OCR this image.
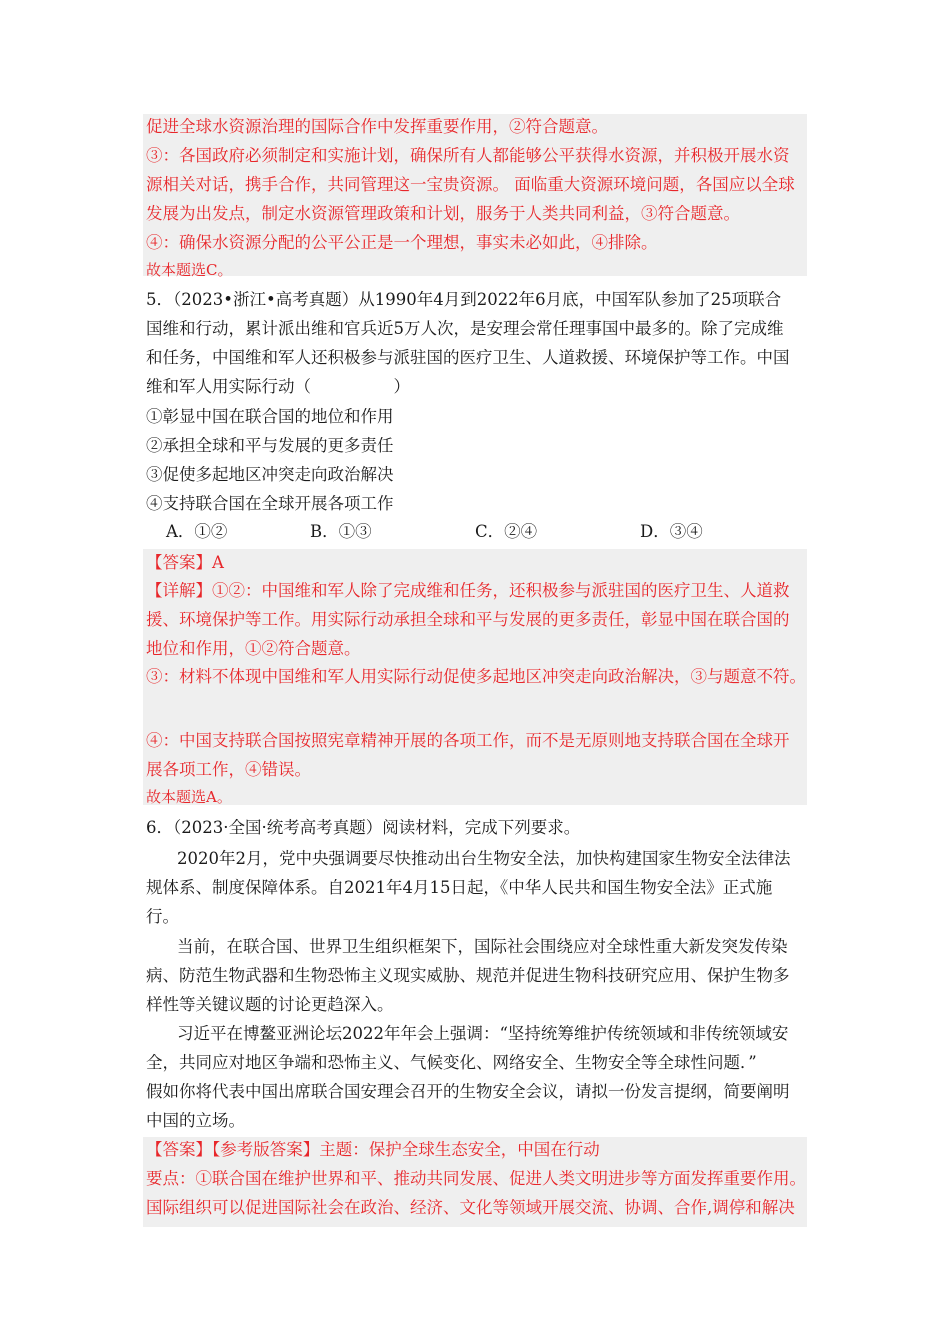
促进全球水资源治理的国际合作中发挥重要作用，②符合题意。
③：各国政府必须制定和实施计划，确保所有人都能够公平获得水资源，并积极开展水资
源相关对话，携手合作，共同管理这一宝贵资源。 面临重大资源环境问题，各国应以全球
发展为出发点，制定水资源管理政策和计划，服务于人类共同利益，③符合题意。
④：确保水资源分配的公平公正是一个理想，事实未必如此，④排除。
故本题选C。
5．（2023•浙江•高考真题）从1990年4月到2022年6月底，中国军队参加了25项联合
国维和行动，累计派出维和官兵近5万人次，是安理会常任理事国中最多的。除了完成维
和任务，中国维和军人还积极参与派驻国的医疗卫生、人道救援、环境保护等工作。中国
维和军人用实际行动（　　　　　）
①彰显中国在联合国的地位和作用
②承担全球和平与发展的更多责任
③促使多起地区冲突走向政治解决
④支持联合国在全球开展各项工作
A．①②	B．①③	C．②④	D．③④
【答案】A
【详解】①②：中国维和军人除了完成维和任务，还积极参与派驻国的医疗卫生、人道救
援、环境保护等工作。用实际行动承担全球和平与发展的更多责任，彰显中国在联合国的
地位和作用，①②符合题意。
③：材料不体现中国维和军人用实际行动促使多起地区冲突走向政治解决，③与题意不符。
④：中国支持联合国按照宪章精神开展的各项工作，而不是无原则地支持联合国在全球开
展各项工作，④错误。
故本题选A。
6．（2023·全国·统考高考真题）阅读材料，完成下列要求。
2020年2月，党中央强调要尽快推动出台生物安全法，加快构建国家生物安全法律法
规体系、制度保障体系。自2021年4月15日起，《中华人民共和国生物安全法》正式施
行。
当前，在联合国、世界卫生组织框架下，国际社会围绕应对全球性重大新发突发传染
病、防范生物武器和生物恐怖主义现实威胁、规范并促进生物科技研究应用、保护生物多
样性等关键议题的讨论更趋深入。
习近平在博鳌亚洲论坛2022年年会上强调：“坚持统筹维护传统领域和非传统领域安
全，共同应对地区争端和恐怖主义、气候变化、网络安全、生物安全等全球性问题．”
假如你将代表中国出席联合国安理会召开的生物安全会议，请拟一份发言提纲，简要阐明
中国的立场。
【答案】【参考版答案】主题：保护全球生态安全，中国在行动
要点：①联合国在维护世界和平、推动共同发展、促进人类文明进步等方面发挥重要作用。
国际组织可以促进国际社会在政治、经济、文化等领域开展交流、协调、合作,调停和解决
